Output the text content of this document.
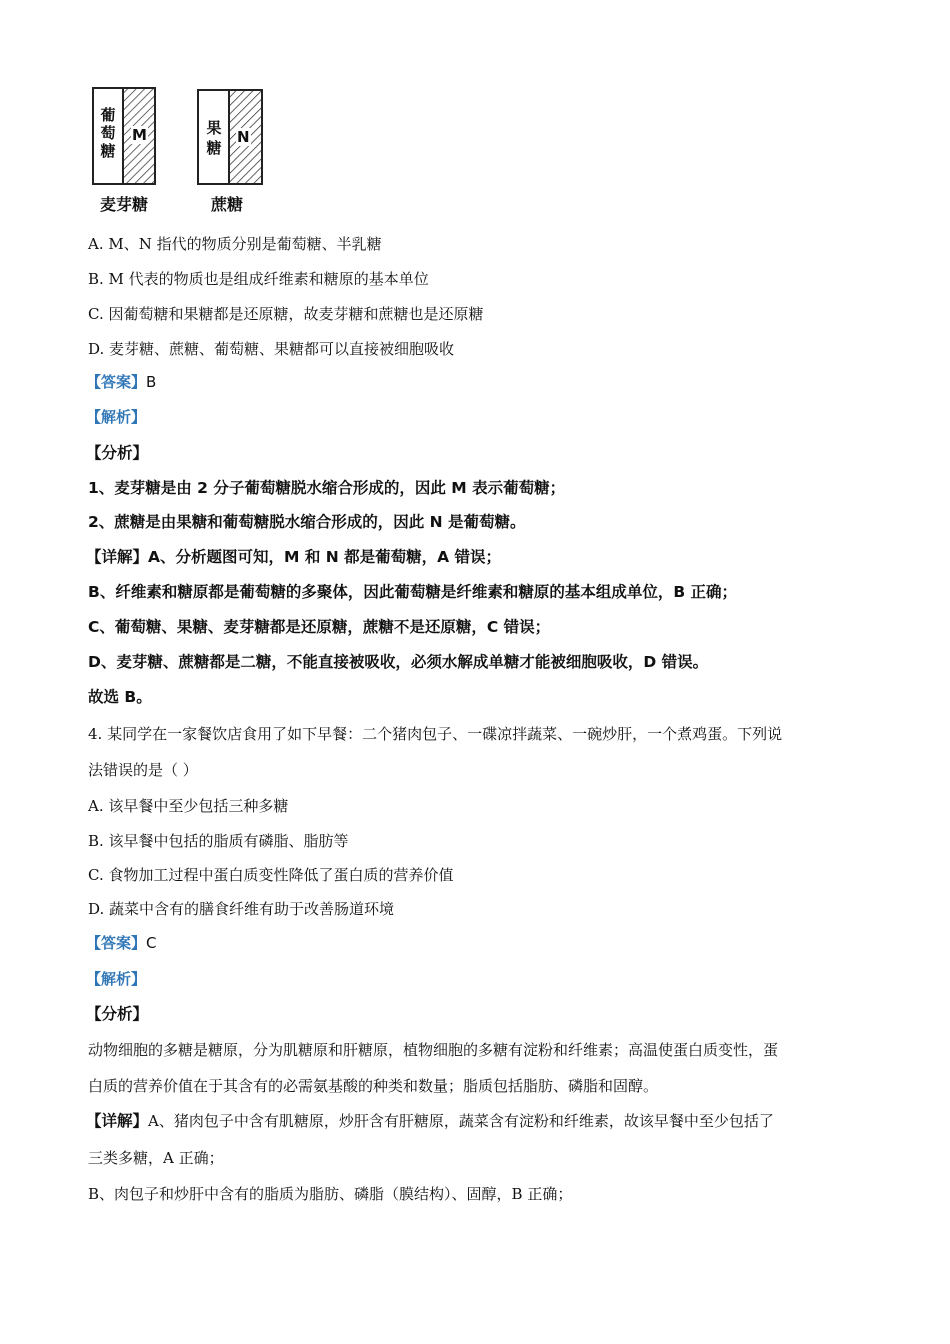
葡
萄
糖
M	果
糖
N
麦芽糖	蔗糖
A. M、N 指代的物质分别是葡萄糖、半乳糖
B. M 代表的物质也是组成纤维素和糖原的基本单位
C. 因葡萄糖和果糖都是还原糖，故麦芽糖和蔗糖也是还原糖
D. 麦芽糖、蔗糖、葡萄糖、果糖都可以直接被细胞吸收
【答案】B
【解析】
【分析】
1、麦芽糖是由 2 分子葡萄糖脱水缩合形成的，因此 M 表示葡萄糖；
2、蔗糖是由果糖和葡萄糖脱水缩合形成的，因此 N 是葡萄糖。
【详解】A、分析题图可知，M 和 N 都是葡萄糖，A 错误；
B、纤维素和糖原都是葡萄糖的多聚体，因此葡萄糖是纤维素和糖原的基本组成单位，B 正确；
C、葡萄糖、果糖、麦芽糖都是还原糖，蔗糖不是还原糖，C 错误；
D、麦芽糖、蔗糖都是二糖，不能直接被吸收，必须水解成单糖才能被细胞吸收，D 错误。
故选 B。
4. 某同学在一家餐饮店食用了如下早餐：二个猪肉包子、一碟凉拌蔬菜、一碗炒肝，一个煮鸡蛋。下列说
法错误的是（ ）
A. 该早餐中至少包括三种多糖
B. 该早餐中包括的脂质有磷脂、脂肪等
C. 食物加工过程中蛋白质变性降低了蛋白质的营养价值
D. 蔬菜中含有的膳食纤维有助于改善肠道环境
【答案】C
【解析】
【分析】
动物细胞的多糖是糖原，分为肌糖原和肝糖原，植物细胞的多糖有淀粉和纤维素；高温使蛋白质变性，蛋
白质的营养价值在于其含有的必需氨基酸的种类和数量；脂质包括脂肪、磷脂和固醇。
【详解】A、猪肉包子中含有肌糖原，炒肝含有肝糖原，蔬菜含有淀粉和纤维素，故该早餐中至少包括了
三类多糖，A 正确；
B、肉包子和炒肝中含有的脂质为脂肪、磷脂（膜结构）、固醇，B 正确；
